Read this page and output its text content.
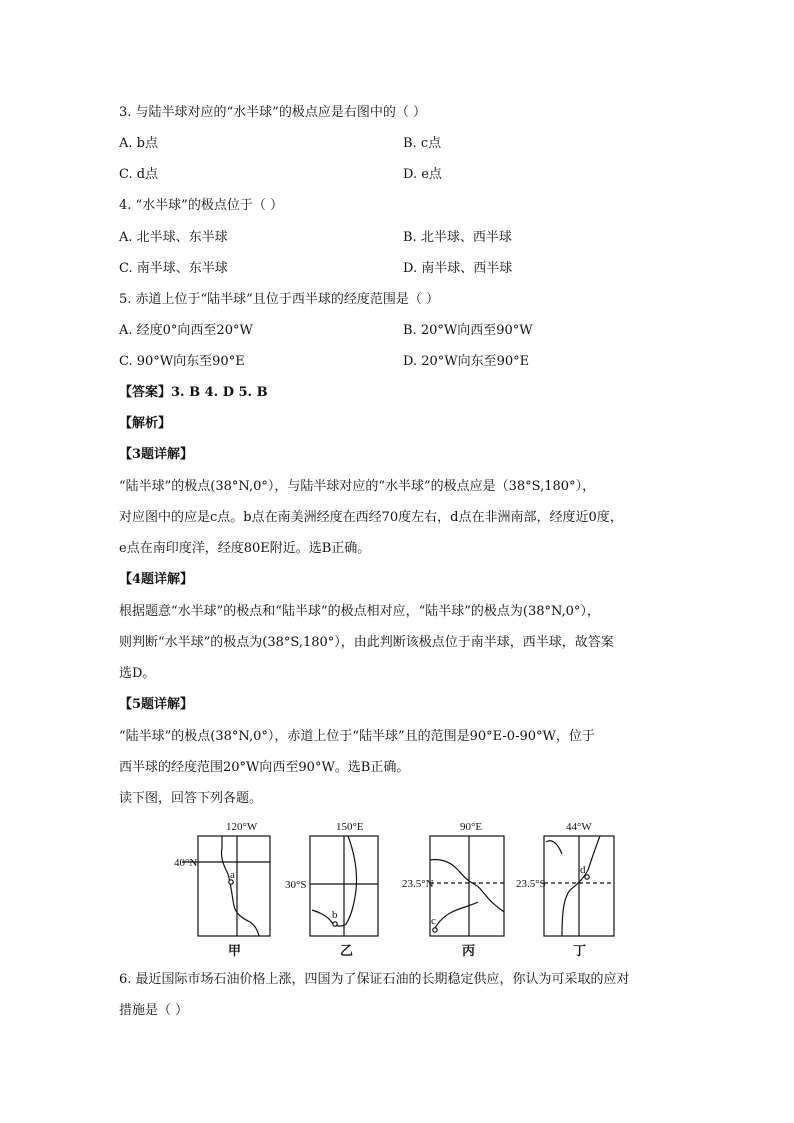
3. 与陆半球对应的“水半球”的极点应是右图中的（ ）
A. b点	B. c点
C. d点	D. e点
4. “水半球”的极点位于（ ）
A. 北半球、东半球	B. 北半球、西半球
C. 南半球、东半球	D. 南半球、西半球
5. 赤道上位于“陆半球”且位于西半球的经度范围是（ ）
A. 经度0°向西至20°W	B. 20°W向西至90°W
C. 90°W向东至90°E	D. 20°W向东至90°E
【答案】3. B 4. D 5. B
【解析】
【3题详解】
“陆半球”的极点(38°N,0°），与陆半球对应的“水半球”的极点应是（38°S,180°），
对应图中的应是c点。b点在南美洲经度在西经70度左右，d点在非洲南部，经度近0度，
e点在南印度洋，经度80E附近。选B正确。
【4题详解】
根据题意“水半球”的极点和“陆半球”的极点相对应，“陆半球”的极点为(38°N,0°），
则判断“水半球”的极点为(38°S,180°），由此判断该极点位于南半球，西半球，故答案
选D。
【5题详解】
“陆半球”的极点(38°N,0°），赤道上位于“陆半球”且的范围是90°E-0-90°W，位于
西半球的经度范围20°W向西至90°W。选B正确。
读下图，回答下列各题。
120°W
40°N
a
甲
150°E
30°S
b
乙
90°E
23.5°N
c
丙
44°W
23.5°S
d
丁
6. 最近国际市场石油价格上涨，四国为了保证石油的长期稳定供应，你认为可采取的应对
措施是（ ）
